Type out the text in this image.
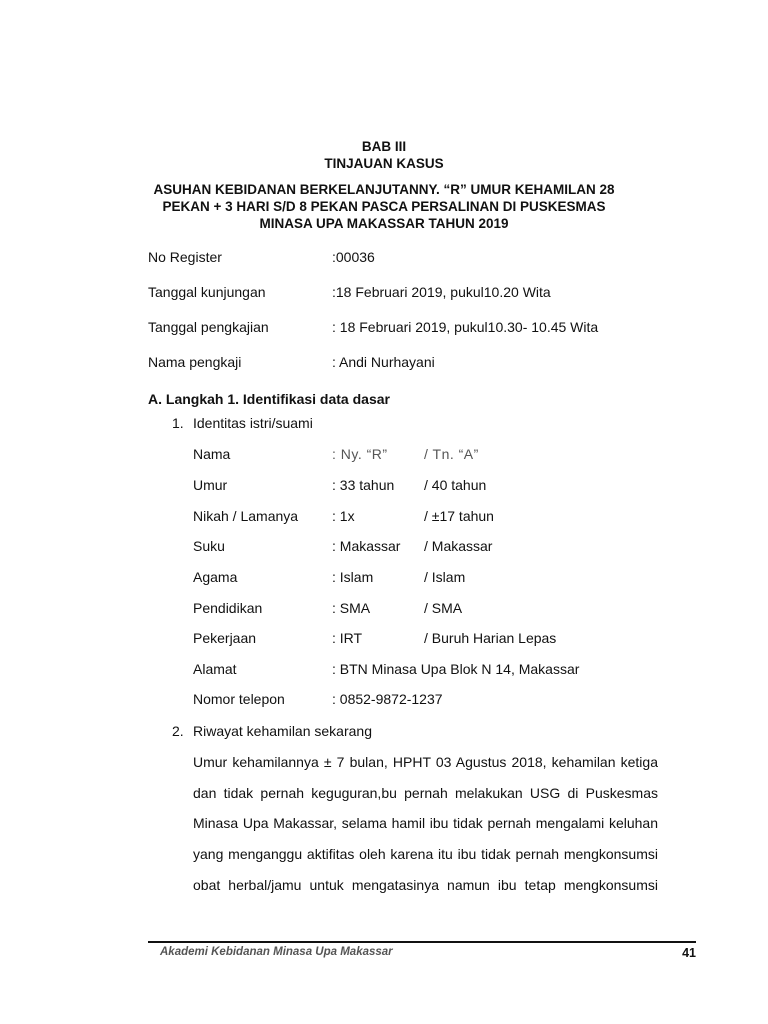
BAB III
TINJAUAN KASUS
ASUHAN KEBIDANAN BERKELANJUTANNY. “R” UMUR KEHAMILAN 28
PEKAN + 3 HARI S/D 8 PEKAN PASCA PERSALINAN DI PUSKESMAS
MINASA UPA MAKASSAR TAHUN 2019
No Register	:00036
Tanggal kunjungan	:18 Februari 2019, pukul10.20 Wita
Tanggal pengkajian	: 18 Februari 2019, pukul10.30- 10.45 Wita
Nama pengkaji	: Andi Nurhayani
A. Langkah 1. Identifikasi data dasar
1. Identitas istri/suami
Nama	: Ny. “R”	/ Tn. “A”
Umur	: 33 tahun / 40 tahun
Nikah / Lamanya : 1x	/ ±17 tahun
Suku	: Makassar / Makassar
Agama	: Islam	/ Islam
Pendidikan	: SMA	/ SMA
Pekerjaan	: IRT	/ Buruh Harian Lepas
Alamat	: BTN Minasa Upa Blok N 14, Makassar
Nomor telepon	: 0852-9872-1237
2. Riwayat kehamilan sekarang
Umur kehamilannya ± 7 bulan, HPHT 03 Agustus 2018, kehamilan ketiga
dan tidak pernah keguguran,bu pernah melakukan USG di Puskesmas
Minasa Upa Makassar, selama hamil ibu tidak pernah mengalami keluhan
yang menganggu aktifitas oleh karena itu ibu tidak pernah mengkonsumsi
obat herbal/jamu untuk mengatasinya namun ibu tetap mengkonsumsi
Akademi Kebidanan Minasa Upa Makassar	41
